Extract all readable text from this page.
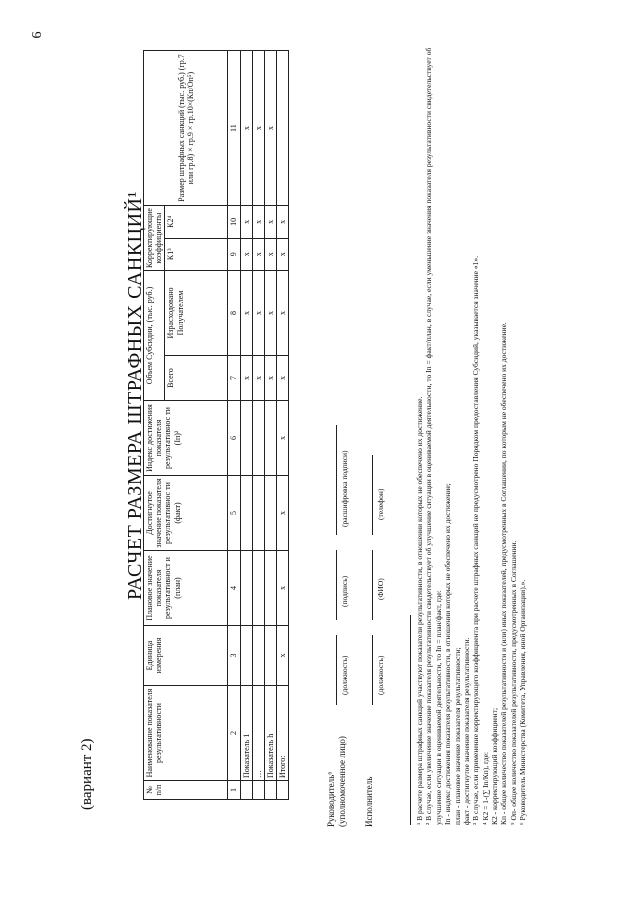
6
(вариант 2)
РАСЧЕТ РАЗМЕРА ШТРАФНЫХ САНКЦИЙ¹
№ п/п	Наименование показателя результативности	Единица измерения	Плановое значение показателя результативност и (план)	Достигнутое значение показателя результативнос ти (факт)	Индекс достижения показателя результативнос ти (Iп)²	Объем Субсидии, (тыс. руб.)		Корректирующие коэффициенты		Размер штрафных санкций (тыс. руб.) (гр.7 или гр.8) × гр.9 × гр.10×(Кп/Оп⁵)
						Всего	Израсходовано Получателем	К1³	К2⁴	
1	2	3	4	5	6	7	8	9	10	11
	Показатель 1					x	x	x	x	x
	…					x	x	x	x	x
	Показатель h					x	x	x	x	x
	Итого:	x	x	x	x	x	x	x	x	
Руководитель⁶ (уполномоченное лицо)
(должность)
(подпись)
(расшифровка подписи)
Исполнитель
(должность)
(ФИО)
(телефон)	¹ В расчете размера штрафных санкций участвуют показатели результативности, в отношении которых не обеспечено их достижение. ² В случае, если увеличение значение показателя результативности свидетельствует об улучшение ситуации в оцениваемой деятельности, то Iп = факт/план, в случае, если уменьшение значения показателя результативности свидетельствует об улучшение ситуации в оцениваемой деятельности, то Iп = план/факт, где: Iп - индекс достижения показателя результативности, в отношении которых не обеспечено их достижение; план - плановое значение показателя результативности; факт - достигнутое значение показателя результативности. ³ В случае, если применение корректирующего коэффициента при расчете штрафных санкций не предусмотрено Порядком предоставления Субсидий, указывается значение «1». ⁴ К2 = 1-(∑ Iп/Кп), где: К2 - корректирующий коэффициент; Кп - общее количество показателей результативности и (или) иных показателей, предусмотренных в Соглашении, по которым не обеспечено их достижение. ⁵ Оп- общее количество показателей результативности, предусмотренных в Соглашении. ⁶ Руководитель Министерства (Комитета, Управления, иной Организации).».
